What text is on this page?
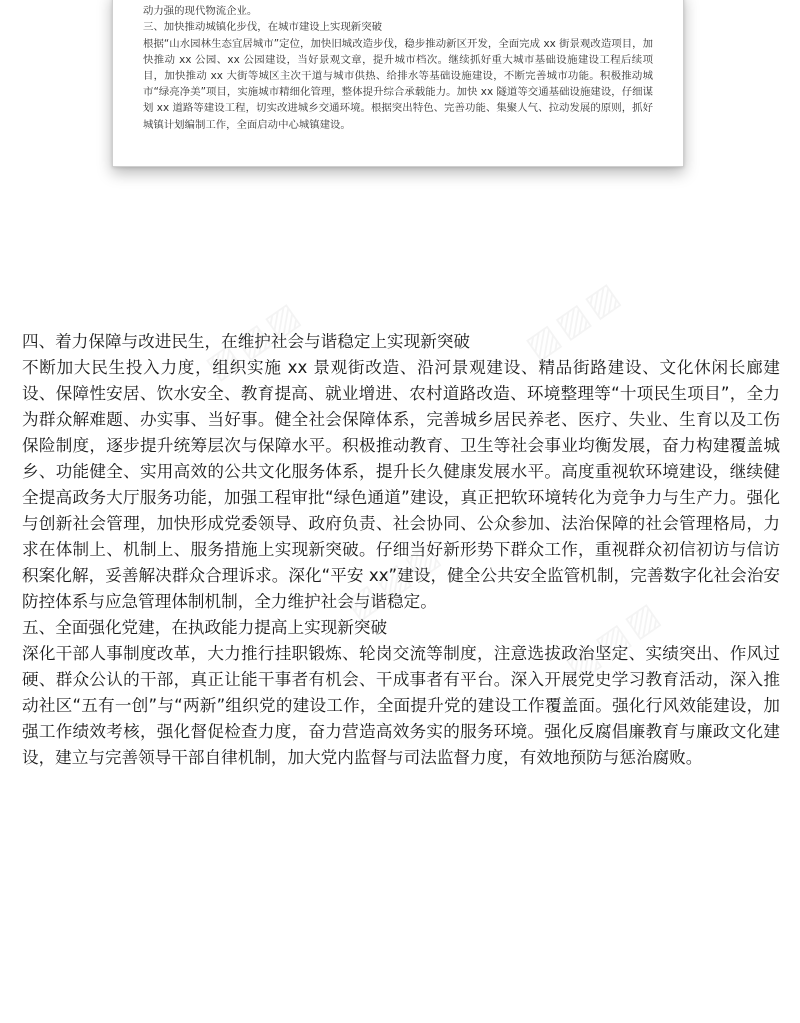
动力强的现代物流企业。

三、加快推动城镇化步伐，在城市建设上实现新突破

根据“山水园林生态宜居城市”定位，加快旧城改造步伐，稳步推动新区开发，全面完成 xx 街景观改造项目，加快推动 xx 公园、xx 公园建设，当好景观文章，提升城市档次。继续抓好重大城市基础设施建设工程后续项目，加快推动 xx 大街等城区主次干道与城市供热、给排水等基础设施建设，不断完善城市功能。积极推动城市“绿亮净美”项目，实施城市精细化管理，整体提升综合承载能力。加快 xx 隧道等交通基础设施建设，仔细谋划 xx 道路等建设工程，切实改进城乡交通环境。根据突出特色、完善功能、集聚人气、拉动发展的原则，抓好城镇计划编制工作，全面启动中心城镇建设。

四、着力保障与改进民生，在维护社会与谐稳定上实现新突破

不断加大民生投入力度，组织实施 xx 景观街改造、沿河景观建设、精品街路建设、文化休闲长廊建设、保障性安居、饮水安全、教育提高、就业增进、农村道路改造、环境整理等“十项民生项目”，全力为群众解难题、办实事、当好事。健全社会保障体系，完善城乡居民养老、医疗、失业、生育以及工伤保险制度，逐步提升统筹层次与保障水平。积极推动教育、卫生等社会事业均衡发展，奋力构建覆盖城乡、功能健全、实用高效的公共文化服务体系，提升长久健康发展水平。高度重视软环境建设，继续健全提高政务大厅服务功能，加强工程审批“绿色通道”建设，真正把软环境转化为竞争力与生产力。强化与创新社会管理，加快形成党委领导、政府负责、社会协同、公众参加、法治保障的社会管理格局，力求在体制上、机制上、服务措施上实现新突破。仔细当好新形势下群众工作，重视群众初信初访与信访积案化解，妥善解决群众合理诉求。深化“平安 xx”建设，健全公共安全监管机制，完善数字化社会治安防控体系与应急管理体制机制，全力维护社会与谐稳定。

五、全面强化党建，在执政能力提高上实现新突破

深化干部人事制度改革，大力推行挂职锻炼、轮岗交流等制度，注意选拔政治坚定、实绩突出、作风过硬、群众公认的干部，真正让能干事者有机会、干成事者有平台。深入开展党史学习教育活动，深入推动社区“五有一创”与“两新”组织党的建设工作，全面提升党的建设工作覆盖面。强化行风效能建设，加强工作绩效考核，强化督促检查力度，奋力营造高效务实的服务环境。强化反腐倡廉教育与廉政文化建设，建立与完善领导干部自律机制，加大党内监督与司法监督力度，有效地预防与惩治腐败。
